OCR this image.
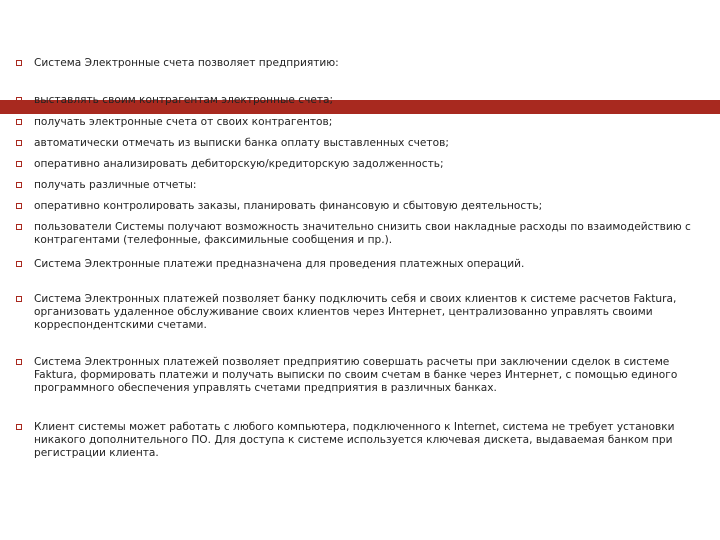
Система Электронные счета позволяет предприятию:
выставлять своим контрагентам электронные счета;
получать электронные счета от своих контрагентов;
автоматически отмечать из выписки банка оплату выставленных счетов;
оперативно анализировать дебиторскую/кредиторскую задолженность;
получать различные отчеты:
оперативно контролировать заказы, планировать финансовую и сбытовую деятельность;
пользователи Системы получают возможность значительно снизить свои накладные расходы по взаимодействию с контрагентами (телефонные, факсимильные сообщения и пр.).
Система Электронные платежи предназначена для проведения платежных операций.
Система Электронных платежей позволяет банку подключить себя и своих клиентов к системе расчетов Faktura, организовать удаленное обслуживание своих клиентов через Интернет, централизованно управлять своими корреспондентскими счетами.
Система Электронных платежей позволяет предприятию совершать расчеты при заключении сделок в системе Faktura, формировать платежи и получать выписки по своим счетам в банке через Интернет, с помощью единого программного обеспечения управлять счетами предприятия в различных банках.
Клиент системы может работать с любого компьютера, подключенного к Internet, система не требует установки никакого дополнительного ПО. Для доступа к системе используется ключевая дискета, выдаваемая банком при регистрации клиента.
